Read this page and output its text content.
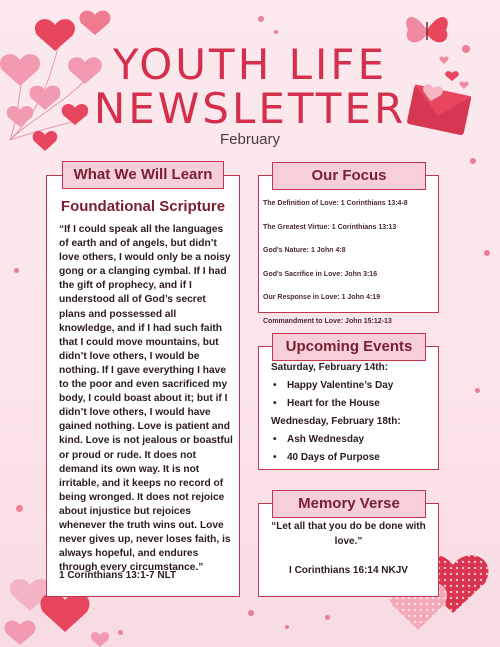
YOUTH LIFE
NEWSLETTER
February
Foundational Scripture
“If I could speak all the languages of earth and of angels, but didn’t love others, I would only be a noisy gong or a clanging cymbal. If I had the gift of prophecy, and if I understood all of God’s secret plans and possessed all knowledge, and if I had such faith that I could move mountains, but didn’t love others, I would be nothing. If I gave everything I have to the poor and even sacrificed my body, I could boast about it; but if I didn’t love others, I would have gained nothing. Love is patient and kind. Love is not jealous or boastful or proud or rude. It does not demand its own way. It is not irritable, and it keeps no record of being wronged. It does not rejoice about injustice but rejoices whenever the truth wins out. Love never gives up, never loses faith, is always hopeful, and endures through every circumstance.”
1 Corinthians 13:1-7 NLT
What We Will Learn
The Definition of Love: 1 Corinthians 13:4-8
The Greatest Virtue: 1 Corinthians 13:13
God's Nature: 1 John 4:8
God's Sacrifice in Love: John 3:16
Our Response in Love: 1 John 4:19
Commandment to Love: John 15:12-13
Our Focus
Saturday, February 14th:
• Happy Valentine’s Day
• Heart for the House
Wednesday, February 18th:
• Ash Wednesday
• 40 Days of Purpose
Upcoming Events
“Let all that you do be done with love.”
I Corinthians 16:14 NKJV
Memory Verse
